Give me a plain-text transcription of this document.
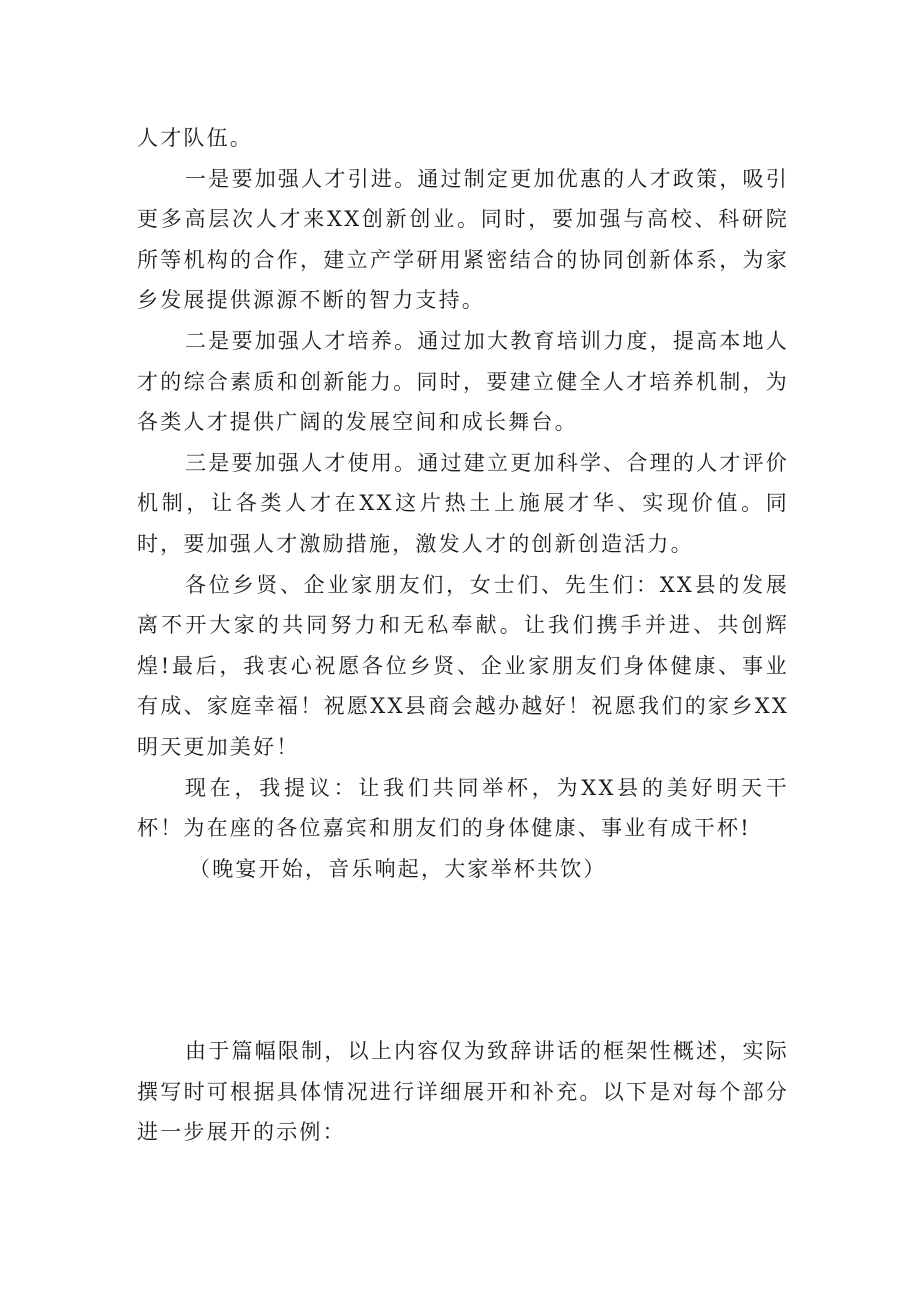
人才队伍。

一是要加强人才引进。通过制定更加优惠的人才政策，吸引更多高层次人才来XX创新创业。同时，要加强与高校、科研院所等机构的合作，建立产学研用紧密结合的协同创新体系，为家乡发展提供源源不断的智力支持。

二是要加强人才培养。通过加大教育培训力度，提高本地人才的综合素质和创新能力。同时，要建立健全人才培养机制，为各类人才提供广阔的发展空间和成长舞台。

三是要加强人才使用。通过建立更加科学、合理的人才评价机制，让各类人才在XX这片热土上施展才华、实现价值。同时，要加强人才激励措施，激发人才的创新创造活力。

各位乡贤、企业家朋友们，女士们、先生们：XX县的发展离不开大家的共同努力和无私奉献。让我们携手并进、共创辉煌!最后，我衷心祝愿各位乡贤、企业家朋友们身体健康、事业有成、家庭幸福！祝愿XX县商会越办越好！祝愿我们的家乡XX明天更加美好！

现在，我提议：让我们共同举杯，为XX县的美好明天干杯！为在座的各位嘉宾和朋友们的身体健康、事业有成干杯!

（晚宴开始，音乐响起，大家举杯共饮）

由于篇幅限制，以上内容仅为致辞讲话的框架性概述，实际撰写时可根据具体情况进行详细展开和补充。以下是对每个部分进一步展开的示例：
